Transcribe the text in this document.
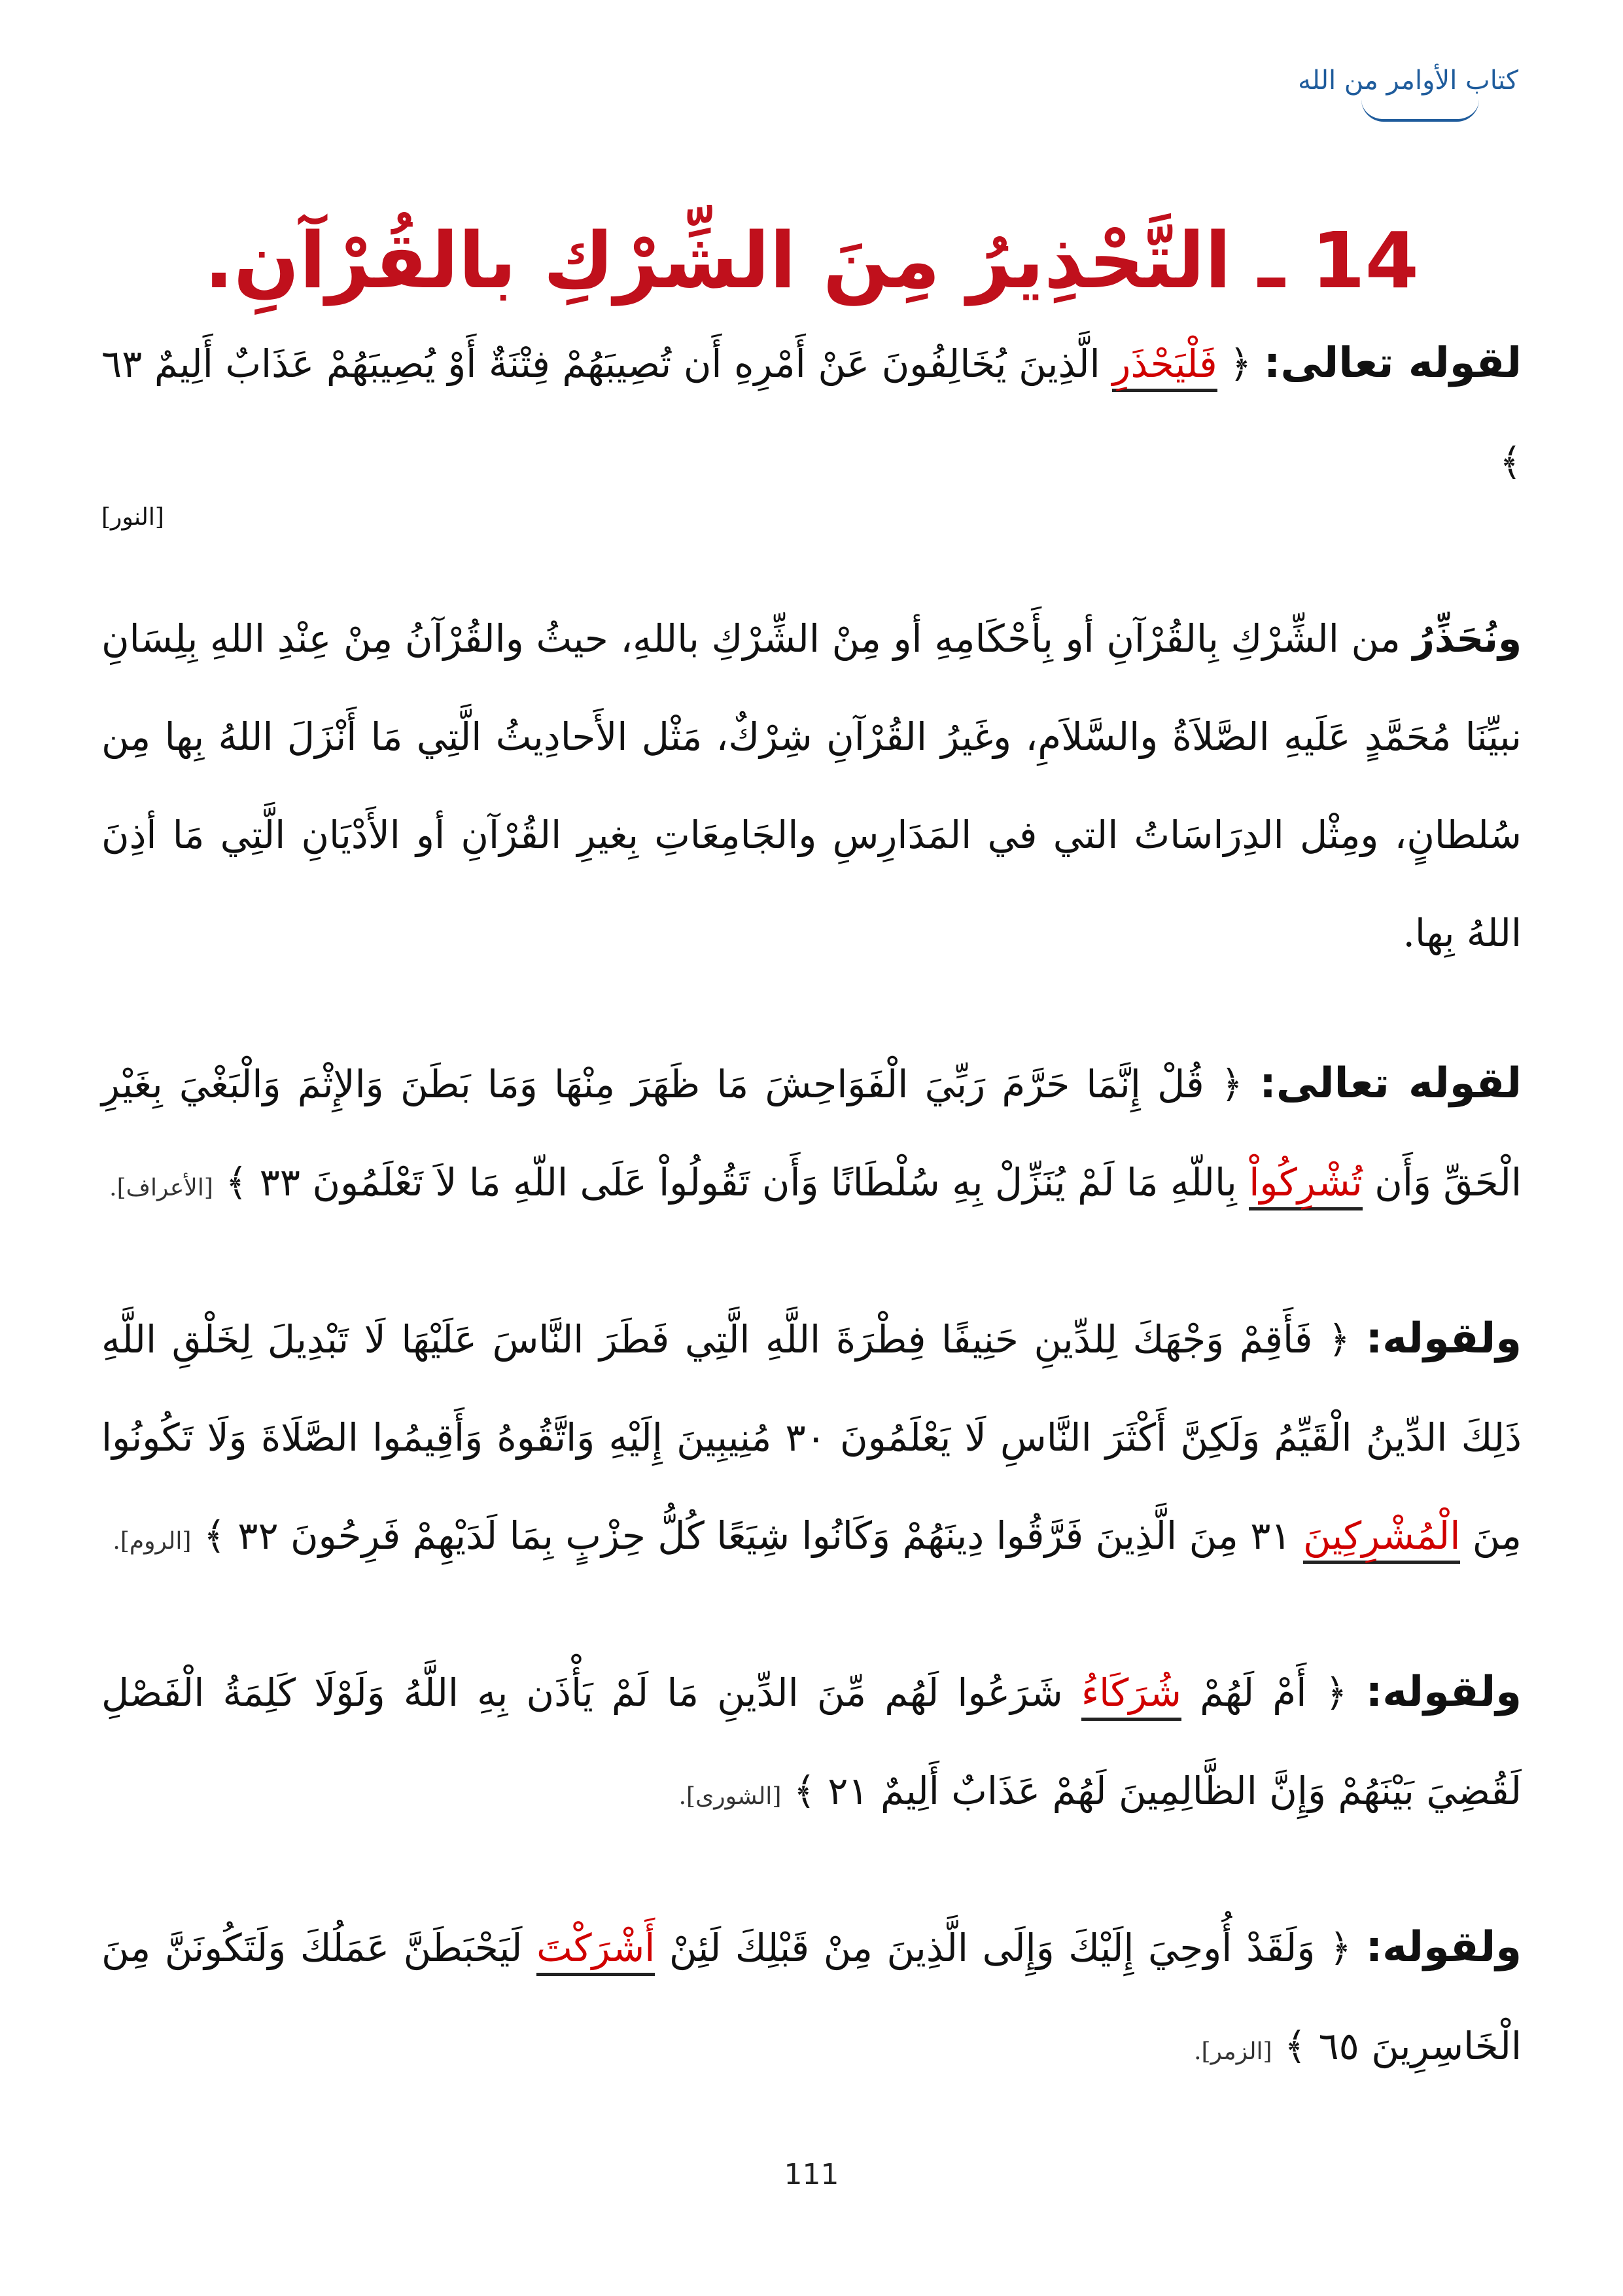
كتاب الأوامر من الله
14 ـ التَّحْذِيرُ مِنَ الشِّرْكِ بالقُرْآنِ.
لقوله تعالى: ﴿ فَلْيَحْذَرِ الَّذِينَ يُخَالِفُونَ عَنْ أَمْرِهِ أَن تُصِيبَهُمْ فِتْنَةٌ أَوْ يُصِيبَهُمْ عَذَابٌ أَلِيمٌ ٦٣ ﴾
[النور]
ونُحَذِّرُ من الشِّرْكِ بِالقُرْآنِ أو بِأَحْكَامِهِ أو مِنْ الشِّرْكِ باللهِ، حيثُ والقُرْآنُ مِنْ عِنْدِ اللهِ بِلِسَانِ نبيِّنَا مُحَمَّدٍ عَلَيهِ الصَّلاَةُ والسَّلاَمِ، وغَيرُ القُرْآنِ شِرْكٌ، مَثْل الأَحادِيثُ الَّتِي مَا أَنْزَلَ اللهُ بِها مِن سُلطانٍ، ومِثْل الدِرَاسَاتُ التي في المَدَارِسِ والجَامِعَاتِ بِغيرِ القُرْآنِ أو الأَدْيَانِ الَّتِي مَا أذِنَ اللهُ بِها.
لقوله تعالى: ﴿ قُلْ إِنَّمَا حَرَّمَ رَبِّيَ الْفَوَاحِشَ مَا ظَهَرَ مِنْهَا وَمَا بَطَنَ وَالإِثْمَ وَالْبَغْيَ بِغَيْرِ الْحَقِّ وَأَن تُشْرِكُواْ بِاللّهِ مَا لَمْ يُنَزِّلْ بِهِ سُلْطَانًا وَأَن تَقُولُواْ عَلَى اللّهِ مَا لاَ تَعْلَمُونَ ٣٣ ﴾ [الأعراف].
ولقوله: ﴿ فَأَقِمْ وَجْهَكَ لِلدِّينِ حَنِيفًا فِطْرَةَ اللَّهِ الَّتِي فَطَرَ النَّاسَ عَلَيْهَا لَا تَبْدِيلَ لِخَلْقِ اللَّهِ ذَلِكَ الدِّينُ الْقَيِّمُ وَلَكِنَّ أَكْثَرَ النَّاسِ لَا يَعْلَمُونَ ٣٠ مُنِيبِينَ إِلَيْهِ وَاتَّقُوهُ وَأَقِيمُوا الصَّلَاةَ وَلَا تَكُونُوا مِنَ الْمُشْرِكِينَ ٣١ مِنَ الَّذِينَ فَرَّقُوا دِينَهُمْ وَكَانُوا شِيَعًا كُلُّ حِزْبٍ بِمَا لَدَيْهِمْ فَرِحُونَ ٣٢ ﴾ [الروم].
ولقوله: ﴿ أَمْ لَهُمْ شُرَكَاءُ شَرَعُوا لَهُم مِّنَ الدِّينِ مَا لَمْ يَأْذَن بِهِ اللَّهُ وَلَوْلَا كَلِمَةُ الْفَصْلِ لَقُضِيَ بَيْنَهُمْ وَإِنَّ الظَّالِمِينَ لَهُمْ عَذَابٌ أَلِيمٌ ٢١ ﴾ [الشورى].
ولقوله: ﴿ وَلَقَدْ أُوحِيَ إِلَيْكَ وَإِلَى الَّذِينَ مِنْ قَبْلِكَ لَئِنْ أَشْرَكْتَ لَيَحْبَطَنَّ عَمَلُكَ وَلَتَكُونَنَّ مِنَ الْخَاسِرِينَ ٦٥ ﴾ [الزمر].
111
